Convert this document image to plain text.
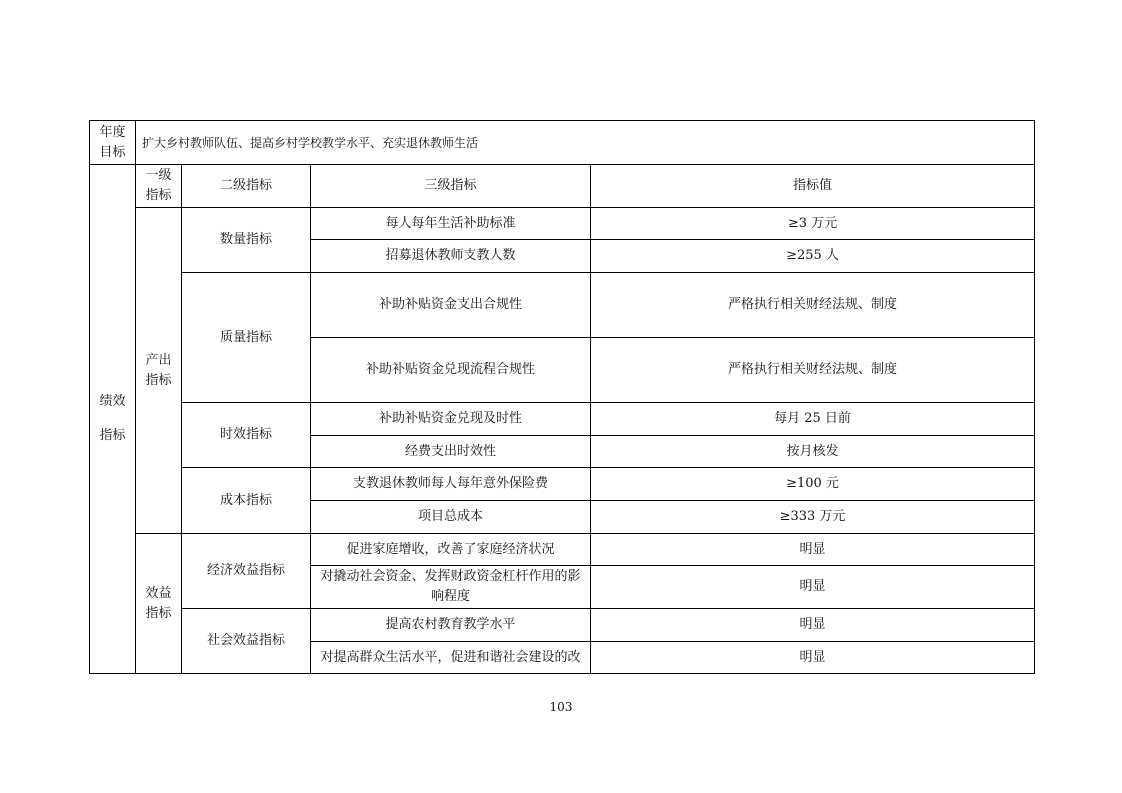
年度目标	扩大乡村教师队伍、提高乡村学校教学水平、充实退休教师生活			
绩效指标	一级指标	二级指标	三级指标	指标值
	产出指标	数量指标	每人每年生活补助标准	≥3 万元
			招募退休教师支教人数	≥255 人
		质量指标	补助补贴资金支出合规性	严格执行相关财经法规、制度
			补助补贴资金兑现流程合规性	严格执行相关财经法规、制度
		时效指标	补助补贴资金兑现及时性	每月 25 日前
			经费支出时效性	按月核发
		成本指标	支教退休教师每人每年意外保险费	≥100 元
			项目总成本	≥333 万元
	效益指标	经济效益指标	促进家庭增收，改善了家庭经济状况	明显
			对撬动社会资金、发挥财政资金杠杆作用的影响程度	明显
		社会效益指标	提高农村教育教学水平	明显
			对提高群众生活水平，促进和谐社会建设的改	明显
103
